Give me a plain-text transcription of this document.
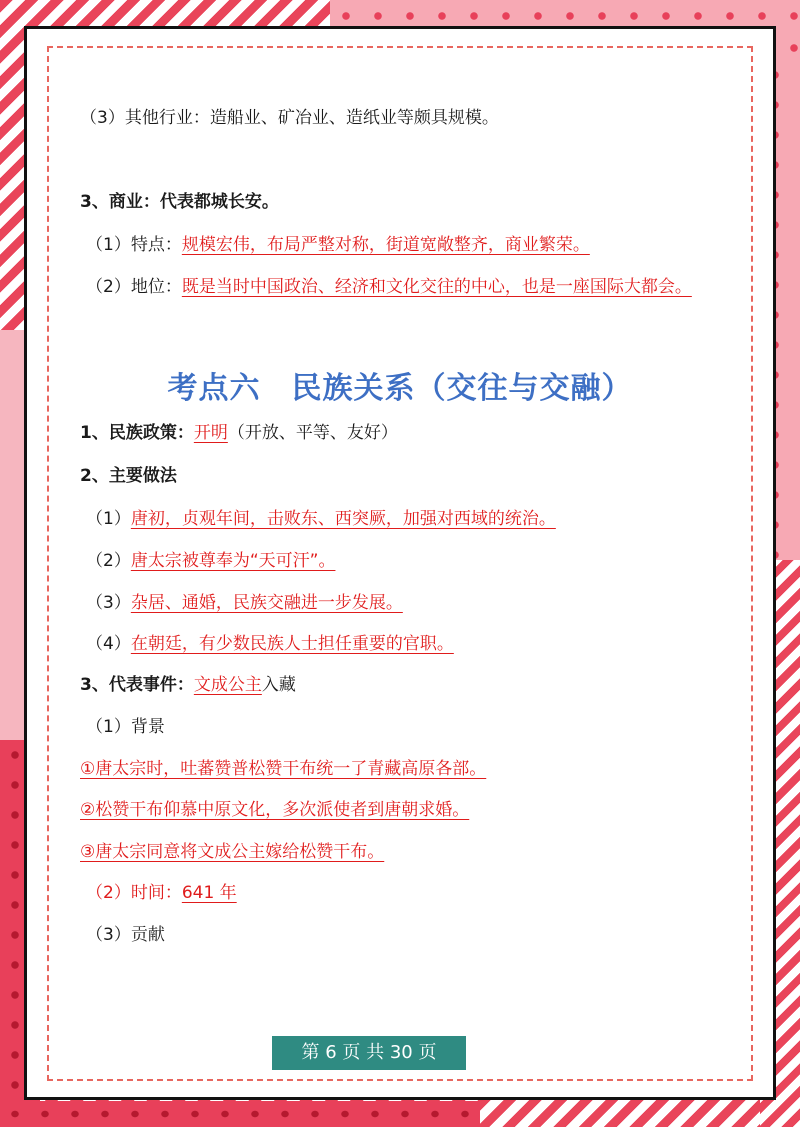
（3）其他行业：造船业、矿冶业、造纸业等颇具规模。
3、商业：代表都城长安。
（1）特点：规模宏伟，布局严整对称，街道宽敞整齐，商业繁荣。
（2）地位：既是当时中国政治、经济和文化交往的中心，也是一座国际大都会。
考点六　民族关系（交往与交融）
1、民族政策：开明（开放、平等、友好）
2、主要做法
（1）唐初，贞观年间，击败东、西突厥，加强对西域的统治。
（2）唐太宗被尊奉为“天可汗”。
（3）杂居、通婚，民族交融进一步发展。
（4）在朝廷，有少数民族人士担任重要的官职。
3、代表事件：文成公主入藏
（1）背景
①唐太宗时，吐蕃赞普松赞干布统一了青藏高原各部。
②松赞干布仰慕中原文化，多次派使者到唐朝求婚。
③唐太宗同意将文成公主嫁给松赞干布。
（2）时间：641 年
（3）贡献
第 6 页 共 30 页
